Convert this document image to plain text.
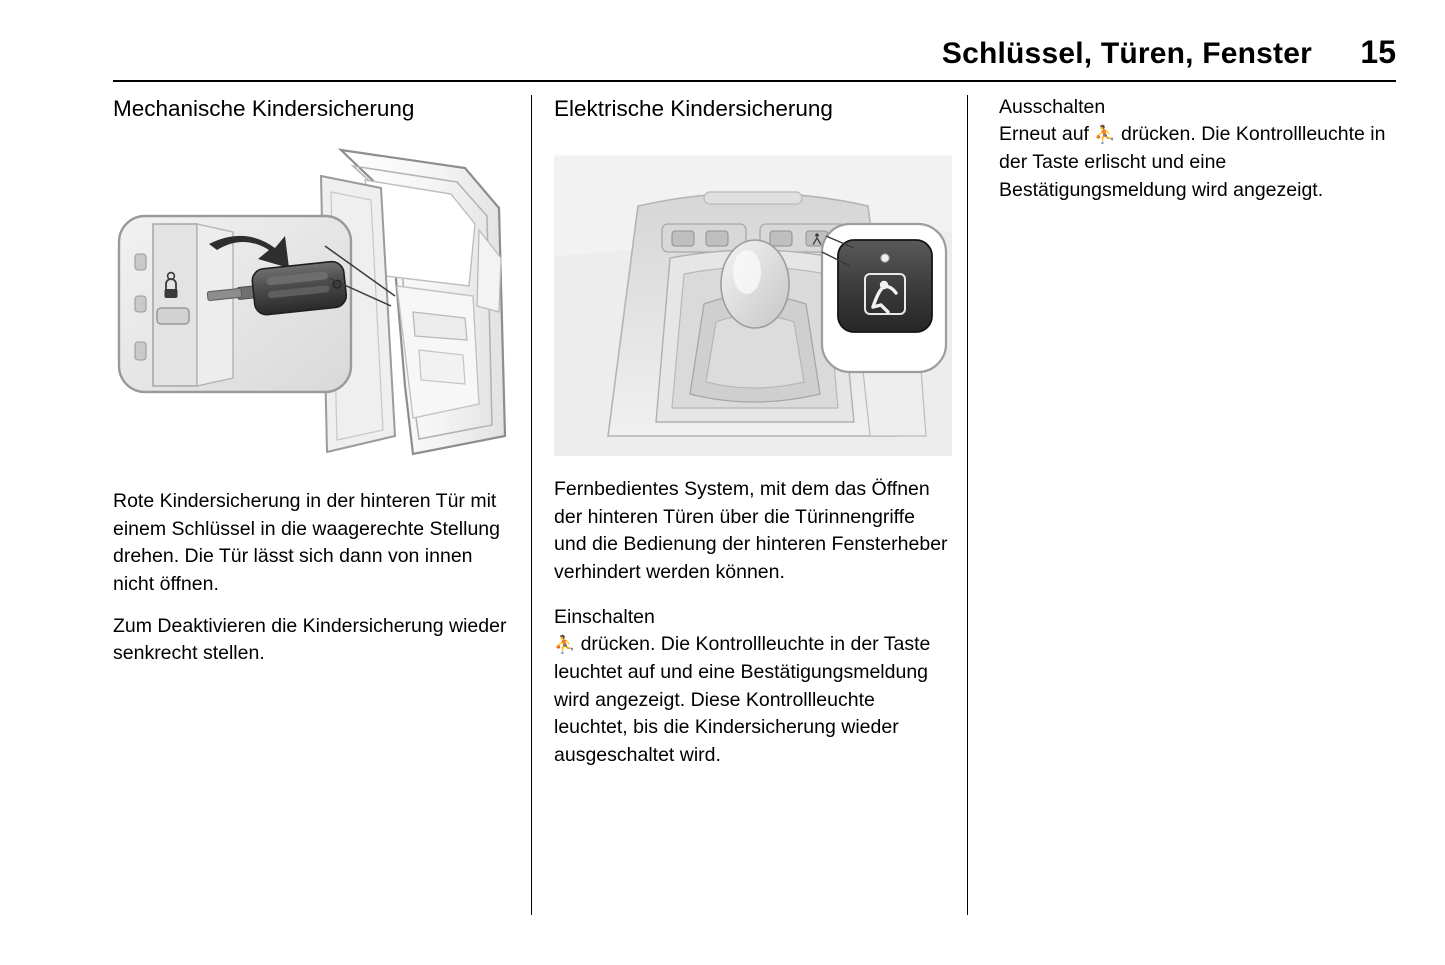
Schlüssel, Türen, Fenster 15
Mechanische Kindersicherung

Rote Kindersicherung in der hinteren Tür mit einem Schlüssel in die waagerechte Stellung drehen. Die Tür lässt sich dann von innen nicht öffnen.

Zum Deaktivieren die Kindersicherung wieder senkrecht stellen.

Elektrische Kindersicherung

Fernbedientes System, mit dem das Öffnen der hinteren Türen über die Türinnengriffe und die Bedienung der hinteren Fensterheber verhindert werden können.

Einschalten

⛹ drücken. Die Kontrollleuchte in der Taste leuchtet auf und eine Bestätigungsmeldung wird angezeigt. Diese Kontrollleuchte leuchtet, bis die Kindersicherung wieder ausgeschaltet wird.

Ausschalten

Erneut auf ⛹ drücken. Die Kontrollleuchte in der Taste erlischt und eine Bestätigungsmeldung wird angezeigt.
